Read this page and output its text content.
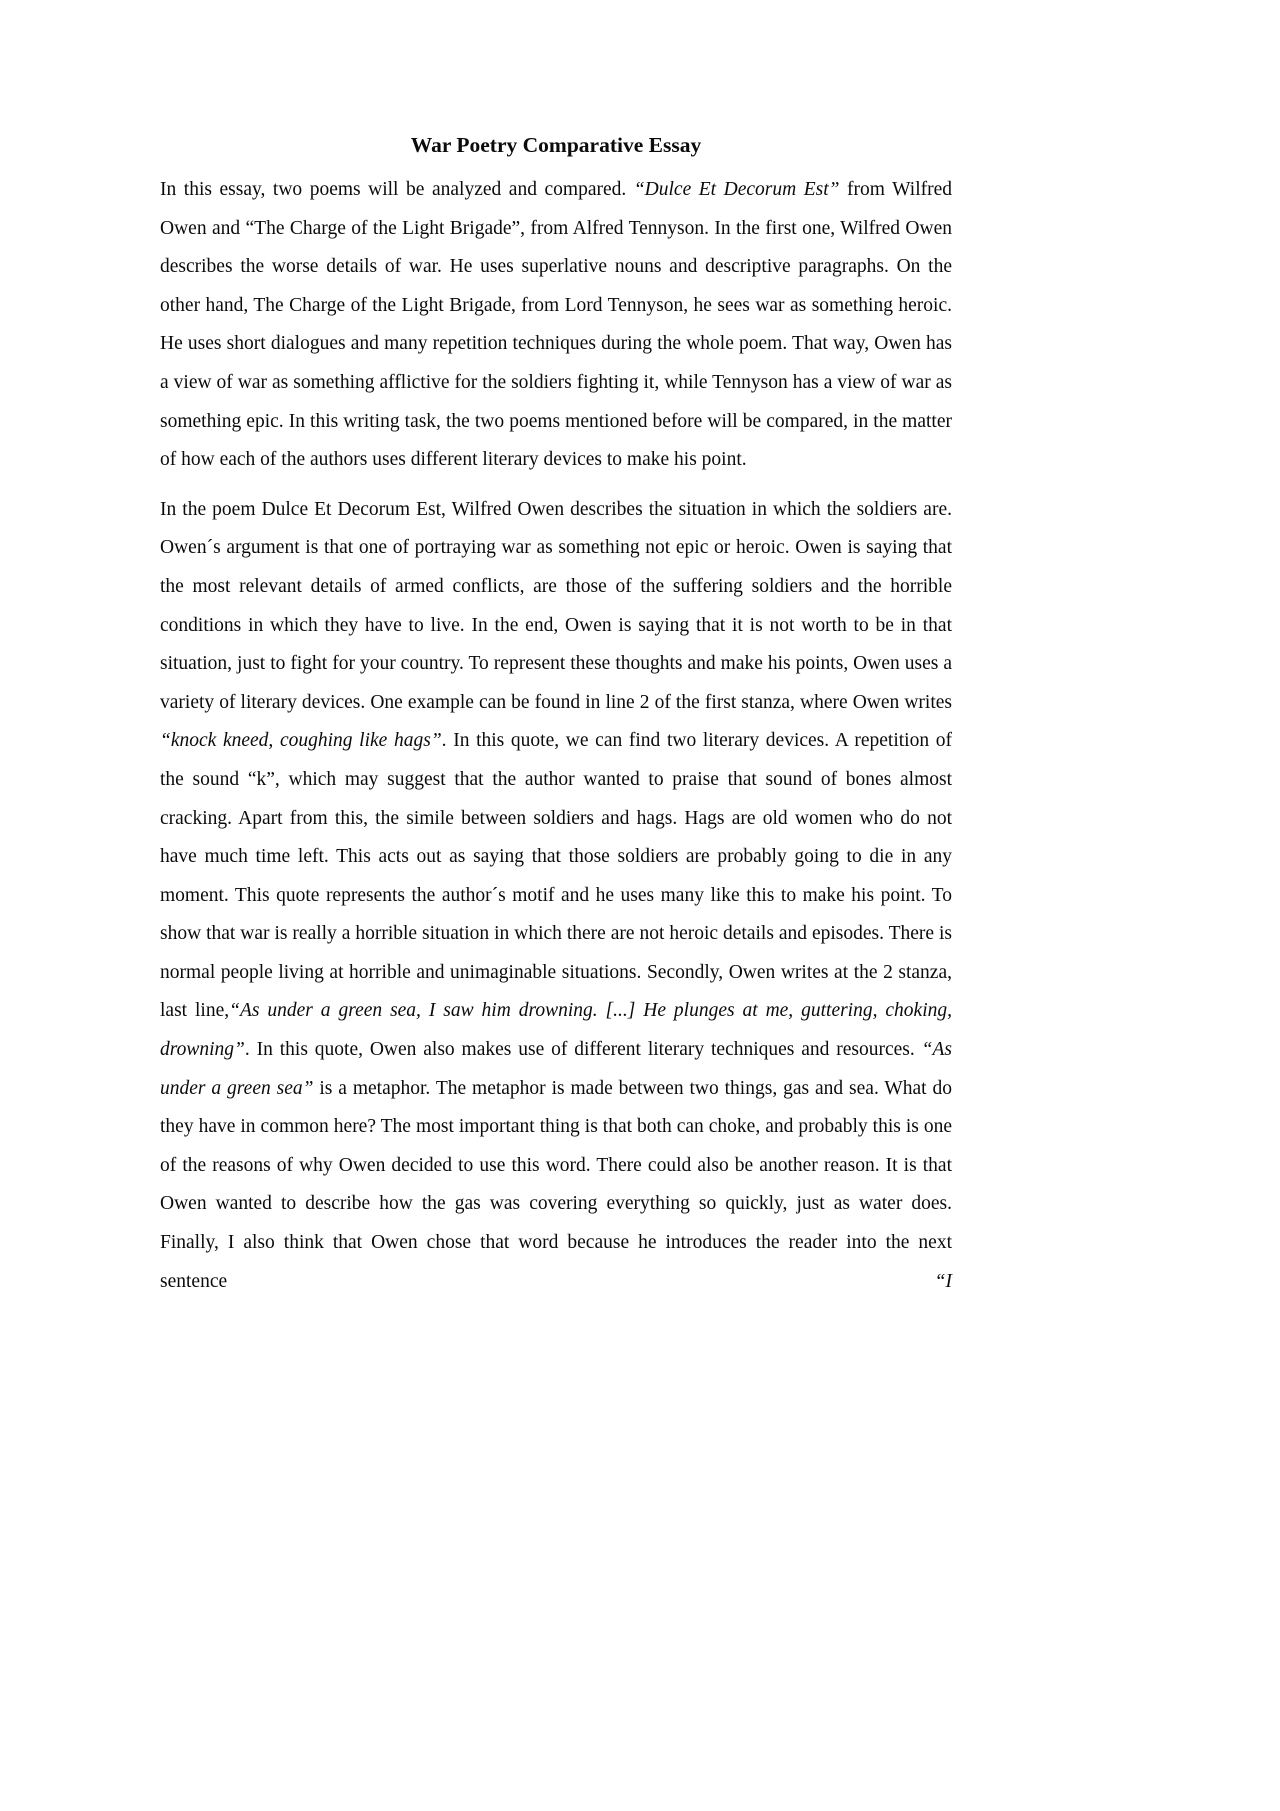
War Poetry Comparative Essay

In this essay, two poems will be analyzed and compared. “Dulce Et Decorum Est” from Wilfred Owen and “The Charge of the Light Brigade”, from Alfred Tennyson. In the first one, Wilfred Owen describes the worse details of war. He uses superlative nouns and descriptive paragraphs. On the other hand, The Charge of the Light Brigade, from Lord Tennyson, he sees war as something heroic. He uses short dialogues and many repetition techniques during the whole poem. That way, Owen has a view of war as something afflictive for the soldiers fighting it, while Tennyson has a view of war as something epic. In this writing task, the two poems mentioned before will be compared, in the matter of how each of the authors uses different literary devices to make his point.

In the poem Dulce Et Decorum Est, Wilfred Owen describes the situation in which the soldiers are. Owen´s argument is that one of portraying war as something not epic or heroic. Owen is saying that the most relevant details of armed conflicts, are those of the suffering soldiers and the horrible conditions in which they have to live. In the end, Owen is saying that it is not worth to be in that situation, just to fight for your country. To represent these thoughts and make his points, Owen uses a variety of literary devices. One example can be found in line 2 of the first stanza, where Owen writes “knock kneed, coughing like hags”. In this quote, we can find two literary devices. A repetition of the sound “k”, which may suggest that the author wanted to praise that sound of bones almost cracking. Apart from this, the simile between soldiers and hags. Hags are old women who do not have much time left. This acts out as saying that those soldiers are probably going to die in any moment. This quote represents the author´s motif and he uses many like this to make his point. To show that war is really a horrible situation in which there are not heroic details and episodes. There is normal people living at horrible and unimaginable situations. Secondly, Owen writes at the 2 stanza, last line,“As under a green sea, I saw him drowning. [...] He plunges at me, guttering, choking, drowning”. In this quote, Owen also makes use of different literary techniques and resources. “As under a green sea” is a metaphor. The metaphor is made between two things, gas and sea. What do they have in common here? The most important thing is that both can choke, and probably this is one of the reasons of why Owen decided to use this word. There could also be another reason. It is that Owen wanted to describe how the gas was covering everything so quickly, just as water does. Finally, I also think that Owen chose that word because he introduces the reader into the next sentence “I
